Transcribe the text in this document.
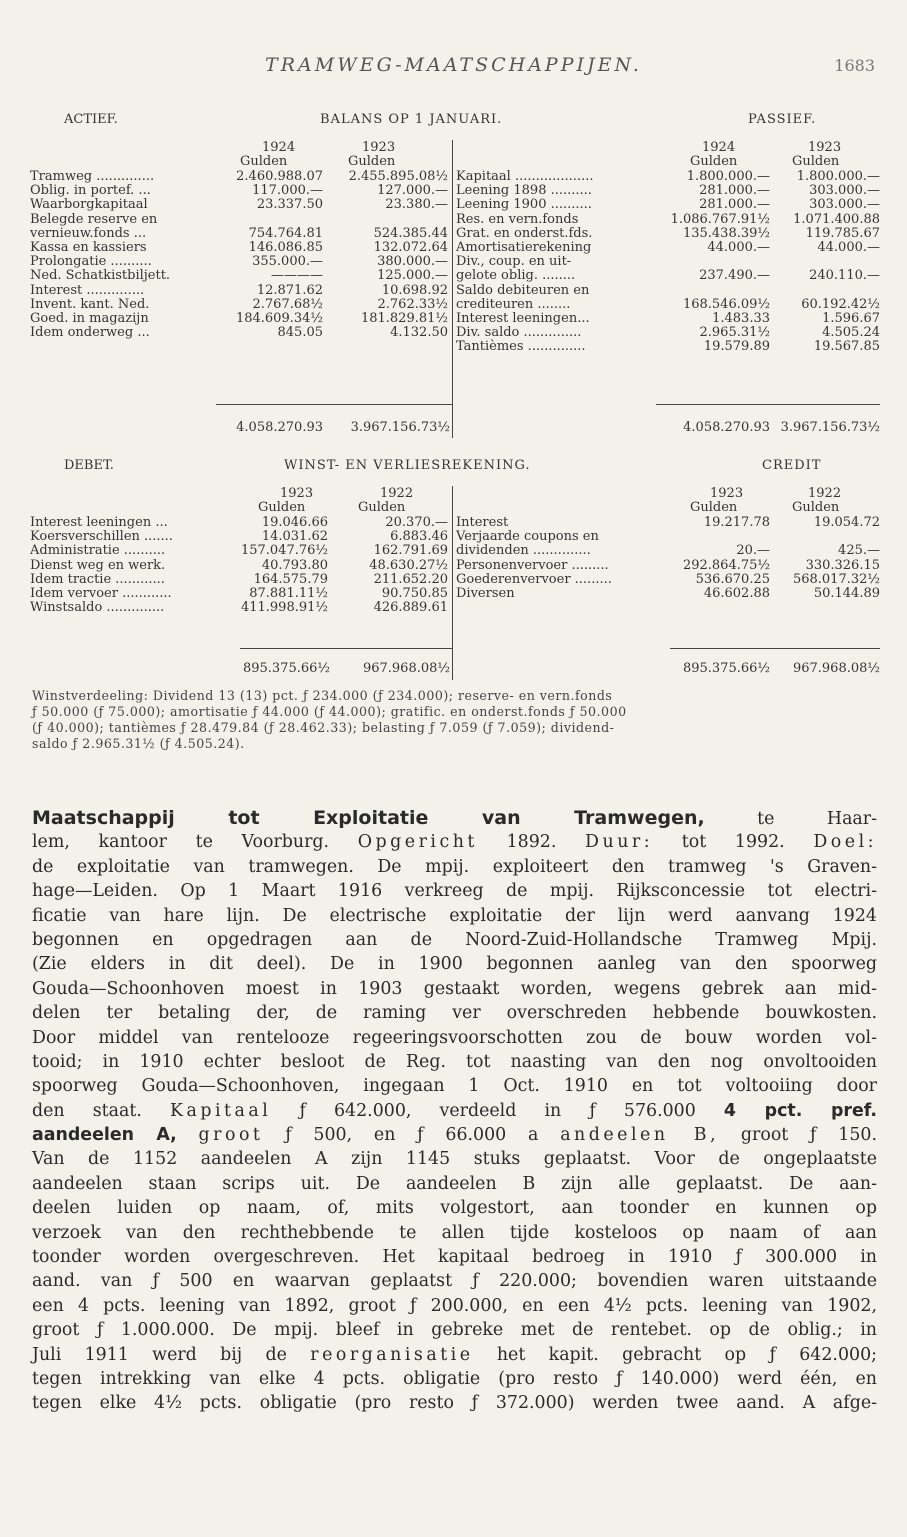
TRAMWEG-MAATSCHAPPIJEN.	1683
ACTIEF.	BALANS OP 1 JANUARI.	PASSIEF.
1924	1923
Gulden	Gulden
1924	1923
Gulden	Gulden
Tramweg ..............	2.460.988.07	2.455.895.08½
Oblig. in portef. ...	117.000.—	127.000.—
Waarborgkapitaal	23.337.50	23.380.—
Belegde reserve en
vernieuw.fonds ...	754.764.81	524.385.44
Kassa en kassiers	146.086.85	132.072.64
Prolongatie ..........	355.000.—	380.000.—
Ned. Schatkistbiljett.	————	125.000.—
Interest ..............	12.871.62	10.698.92
Invent. kant. Ned.	2.767.68½	2.762.33½
Goed. in magazijn	184.609.34½	181.829.81½
Idem onderweg ...	845.05	4.132.50
Kapitaal ...................	1.800.000.—	1.800.000.—
Leening 1898 ..........	281.000.—	303.000.—
Leening 1900 ..........	281.000.—	303.000.—
Res. en vern.fonds	1.086.767.91½	1.071.400.88
Grat. en onderst.fds.	135.438.39½	119.785.67
Amortisatierekening	44.000.—	44.000.—
Div., coup. en uit-
gelote oblig. ........	237.490.—	240.110.—
Saldo debiteuren en
crediteuren ........	168.546.09½	60.192.42½
Interest leeningen...	1.483.33	1.596.67
Div. saldo ..............	2.965.31½	4.505.24
Tantièmes ..............	19.579.89	19.567.85
4.058.270.93	3.967.156.73½	4.058.270.93 3.967.156.73½
DEBET.	WINST- EN VERLIESREKENING.	CREDIT
1923	1922
Gulden	Gulden
1923	1922
Gulden	Gulden
Interest leeningen ...	19.046.66	20.370.—
Koersverschillen .......	14.031.62	6.883.46
Administratie ..........	157.047.76½	162.791.69
Dienst weg en werk.	40.793.80	48.630.27½
Idem tractie ............	164.575.79	211.652.20
Idem vervoer ............	87.881.11½	90.750.85
Winstsaldo ..............	411.998.91½	426.889.61
Interest	19.217.78	19.054.72
Verjaarde coupons en
dividenden ..............	20.—	425.—
Personenvervoer .........	292.864.75½	330.326.15
Goederenvervoer .........	536.670.25	568.017.32½
Diversen	46.602.88	50.144.89
895.375.66½	967.968.08½	895.375.66½	967.968.08½
Winstverdeeling: Dividend 13 (13) pct. ƒ 234.000 (ƒ 234.000); reserve- en vern.fonds
ƒ 50.000 (ƒ 75.000); amortisatie ƒ 44.000 (ƒ 44.000); gratific. en onderst.fonds ƒ 50.000
(ƒ 40.000); tantièmes ƒ 28.479.84 (ƒ 28.462.33); belasting ƒ 7.059 (ƒ 7.059); dividend-
saldo ƒ 2.965.31½ (ƒ 4.505.24).
Maatschappij tot Exploitatie van Tramwegen,	te Haar-
lem, kantoor te Voorburg. Opgericht 1892. Duur: tot 1992. Doel:
de exploitatie van tramwegen. De mpij. exploiteert den tramweg 's Graven-
hage—Leiden. Op 1 Maart 1916 verkreeg de mpij. Rijksconcessie tot electri-
ficatie van hare lijn. De electrische exploitatie der lijn werd aanvang 1924
begonnen en opgedragen aan de Noord-Zuid-Hollandsche Tramweg Mpij.
(Zie elders in dit deel). De in 1900 begonnen aanleg van den spoorweg
Gouda—Schoonhoven moest in 1903 gestaakt worden, wegens gebrek aan mid-
delen ter betaling der, de raming ver overschreden hebbende bouwkosten.
Door middel van rentelooze regeeringsvoorschotten zou de bouw worden vol-
tooid; in 1910 echter besloot de Reg. tot naasting van den nog onvoltooiden
spoorweg Gouda—Schoonhoven, ingegaan 1 Oct. 1910 en tot voltooiing door
den staat. Kapitaal ƒ 642.000, verdeeld in ƒ 576.000 4 pct. pref.
aandeelen A, groot ƒ 500, en ƒ 66.000 a andeelen B, groot ƒ 150.
Van de 1152 aandeelen A zijn 1145 stuks geplaatst. Voor de ongeplaatste
aandeelen staan scrips uit. De aandeelen B zijn alle geplaatst. De aan-
deelen luiden op naam, of, mits volgestort, aan toonder en kunnen op
verzoek van den rechthebbende te allen tijde kosteloos op naam of aan
toonder worden overgeschreven. Het kapitaal bedroeg in 1910 ƒ 300.000 in
aand. van ƒ 500 en waarvan geplaatst ƒ 220.000; bovendien waren uitstaande
een 4 pcts. leening van 1892, groot ƒ 200.000, en een 4½ pcts. leening van 1902,
groot ƒ 1.000.000. De mpij. bleef in gebreke met de rentebet. op de oblig.; in
Juli 1911 werd bij de reorganisatie het kapit. gebracht op ƒ 642.000;
tegen intrekking van elke 4 pcts. obligatie (pro resto ƒ 140.000) werd één, en
tegen elke 4½ pcts. obligatie (pro resto ƒ 372.000) werden twee aand. A afge-
